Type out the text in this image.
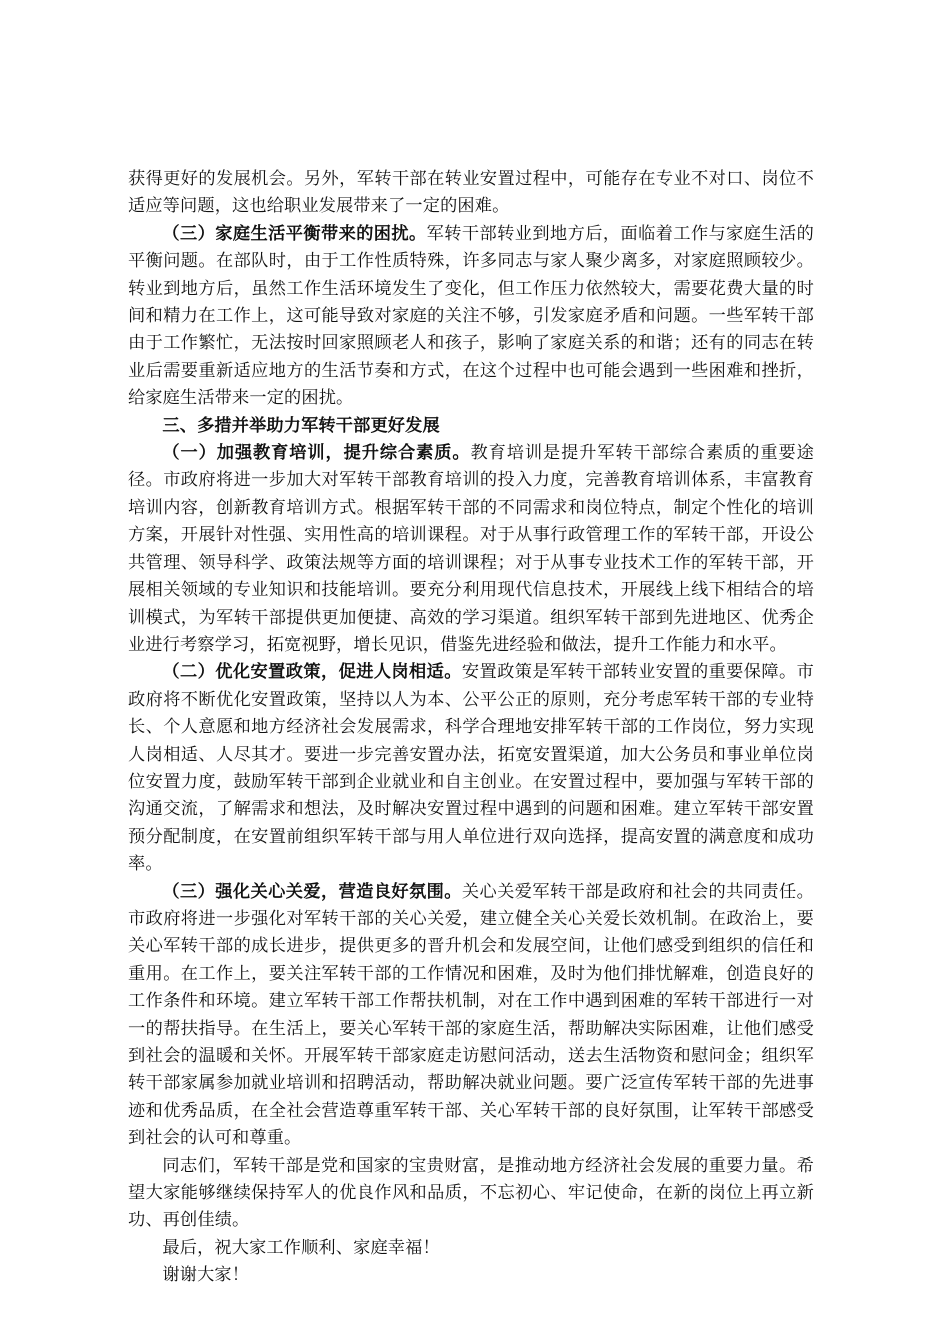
获得更好的发展机会。另外，军转干部在转业安置过程中，可能存在专业不对口、岗位不适应等问题，这也给职业发展带来了一定的困难。

（三）家庭生活平衡带来的困扰。军转干部转业到地方后，面临着工作与家庭生活的平衡问题。在部队时，由于工作性质特殊，许多同志与家人聚少离多，对家庭照顾较少。转业到地方后，虽然工作生活环境发生了变化，但工作压力依然较大，需要花费大量的时间和精力在工作上，这可能导致对家庭的关注不够，引发家庭矛盾和问题。一些军转干部由于工作繁忙，无法按时回家照顾老人和孩子，影响了家庭关系的和谐；还有的同志在转业后需要重新适应地方的生活节奏和方式，在这个过程中也可能会遇到一些困难和挫折，给家庭生活带来一定的困扰。

三、多措并举助力军转干部更好发展

（一）加强教育培训，提升综合素质。教育培训是提升军转干部综合素质的重要途径。市政府将进一步加大对军转干部教育培训的投入力度，完善教育培训体系，丰富教育培训内容，创新教育培训方式。根据军转干部的不同需求和岗位特点，制定个性化的培训方案，开展针对性强、实用性高的培训课程。对于从事行政管理工作的军转干部，开设公共管理、领导科学、政策法规等方面的培训课程；对于从事专业技术工作的军转干部，开展相关领域的专业知识和技能培训。要充分利用现代信息技术，开展线上线下相结合的培训模式，为军转干部提供更加便捷、高效的学习渠道。组织军转干部到先进地区、优秀企业进行考察学习，拓宽视野，增长见识，借鉴先进经验和做法，提升工作能力和水平。

（二）优化安置政策，促进人岗相适。安置政策是军转干部转业安置的重要保障。市政府将不断优化安置政策，坚持以人为本、公平公正的原则，充分考虑军转干部的专业特长、个人意愿和地方经济社会发展需求，科学合理地安排军转干部的工作岗位，努力实现人岗相适、人尽其才。要进一步完善安置办法，拓宽安置渠道，加大公务员和事业单位岗位安置力度，鼓励军转干部到企业就业和自主创业。在安置过程中，要加强与军转干部的沟通交流，了解需求和想法，及时解决安置过程中遇到的问题和困难。建立军转干部安置预分配制度，在安置前组织军转干部与用人单位进行双向选择，提高安置的满意度和成功率。

（三）强化关心关爱，营造良好氛围。关心关爱军转干部是政府和社会的共同责任。市政府将进一步强化对军转干部的关心关爱，建立健全关心关爱长效机制。在政治上，要关心军转干部的成长进步，提供更多的晋升机会和发展空间，让他们感受到组织的信任和重用。在工作上，要关注军转干部的工作情况和困难，及时为他们排忧解难，创造良好的工作条件和环境。建立军转干部工作帮扶机制，对在工作中遇到困难的军转干部进行一对一的帮扶指导。在生活上，要关心军转干部的家庭生活，帮助解决实际困难，让他们感受到社会的温暖和关怀。开展军转干部家庭走访慰问活动，送去生活物资和慰问金；组织军转干部家属参加就业培训和招聘活动，帮助解决就业问题。要广泛宣传军转干部的先进事迹和优秀品质，在全社会营造尊重军转干部、关心军转干部的良好氛围，让军转干部感受到社会的认可和尊重。

同志们，军转干部是党和国家的宝贵财富，是推动地方经济社会发展的重要力量。希望大家能够继续保持军人的优良作风和品质，不忘初心、牢记使命，在新的岗位上再立新功、再创佳绩。

最后，祝大家工作顺利、家庭幸福！

谢谢大家！
